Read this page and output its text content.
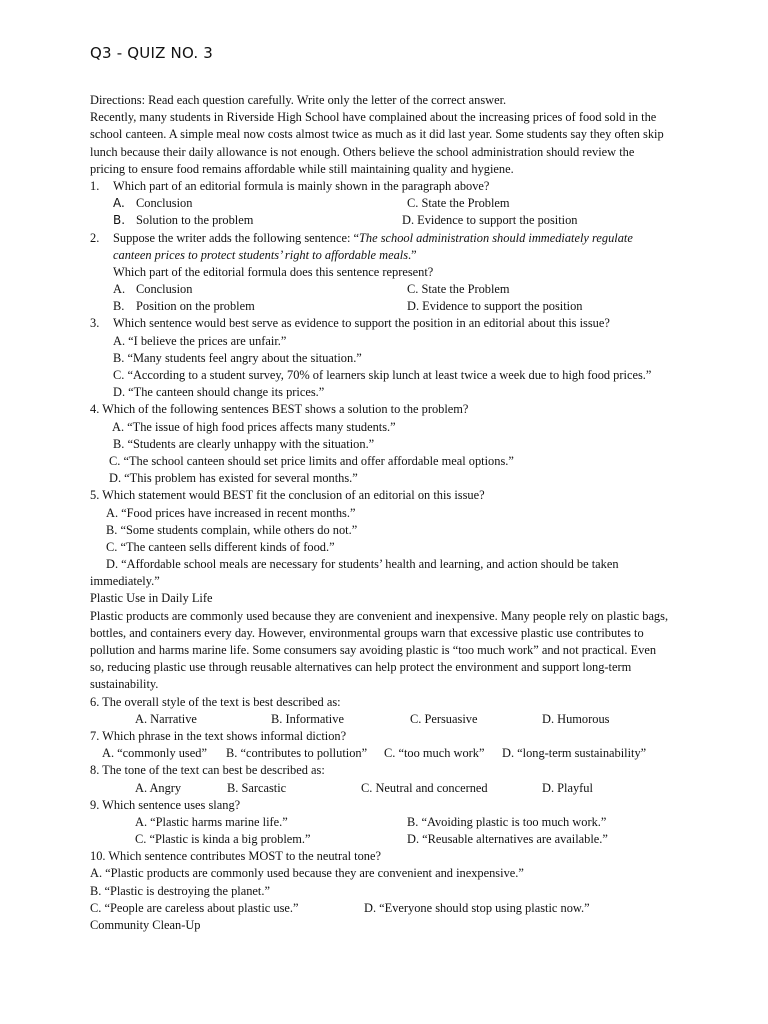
Q3 - QUIZ NO. 3
Directions: Read each question carefully. Write only the letter of the correct answer.
Recently, many students in Riverside High School have complained about the increasing prices of food sold in the
school canteen. A simple meal now costs almost twice as much as it did last year. Some students say they often skip
lunch because their daily allowance is not enough. Others believe the school administration should review the
pricing to ensure food remains affordable while still maintaining quality and hygiene.
1. Which part of an editorial formula is mainly shown in the paragraph above?
A. Conclusion	C. State the Problem
B. Solution to the problem	D. Evidence to support the position
2. Suppose the writer adds the following sentence: “The school administration should immediately regulate
canteen prices to protect students’ right to affordable meals.”
Which part of the editorial formula does this sentence represent?
A. Conclusion	C. State the Problem
B. Position on the problem	D. Evidence to support the position
3. Which sentence would best serve as evidence to support the position in an editorial about this issue?
A. “I believe the prices are unfair.”
B. “Many students feel angry about the situation.”
C. “According to a student survey, 70% of learners skip lunch at least twice a week due to high food prices.”
D. “The canteen should change its prices.”
4. Which of the following sentences BEST shows a solution to the problem?
A. “The issue of high food prices affects many students.”
B. “Students are clearly unhappy with the situation.”
C. “The school canteen should set price limits and offer affordable meal options.”
D. “This problem has existed for several months.”
5. Which statement would BEST fit the conclusion of an editorial on this issue?
A. “Food prices have increased in recent months.”
B. “Some students complain, while others do not.”
C. “The canteen sells different kinds of food.”
D. “Affordable school meals are necessary for students’ health and learning, and action should be taken
immediately.”
Plastic Use in Daily Life
Plastic products are commonly used because they are convenient and inexpensive. Many people rely on plastic bags,
bottles, and containers every day. However, environmental groups warn that excessive plastic use contributes to
pollution and harms marine life. Some consumers say avoiding plastic is “too much work” and not practical. Even
so, reducing plastic use through reusable alternatives can help protect the environment and support long-term
sustainability.
6. The overall style of the text is best described as:
A. Narrative	B. Informative	C. Persuasive	D. Humorous
7. Which phrase in the text shows informal diction?
A. “commonly used” B. “contributes to pollution” C. “too much work” D. “long-term sustainability”
8. The tone of the text can best be described as:
A. Angry	B. Sarcastic	C. Neutral and concerned	D. Playful
9. Which sentence uses slang?
A. “Plastic harms marine life.”	B. “Avoiding plastic is too much work.”
C. “Plastic is kinda a big problem.”	D. “Reusable alternatives are available.”
10. Which sentence contributes MOST to the neutral tone?
A. “Plastic products are commonly used because they are convenient and inexpensive.”
B. “Plastic is destroying the planet.”
C. “People are careless about plastic use.”	D. “Everyone should stop using plastic now.”
Community Clean-Up
